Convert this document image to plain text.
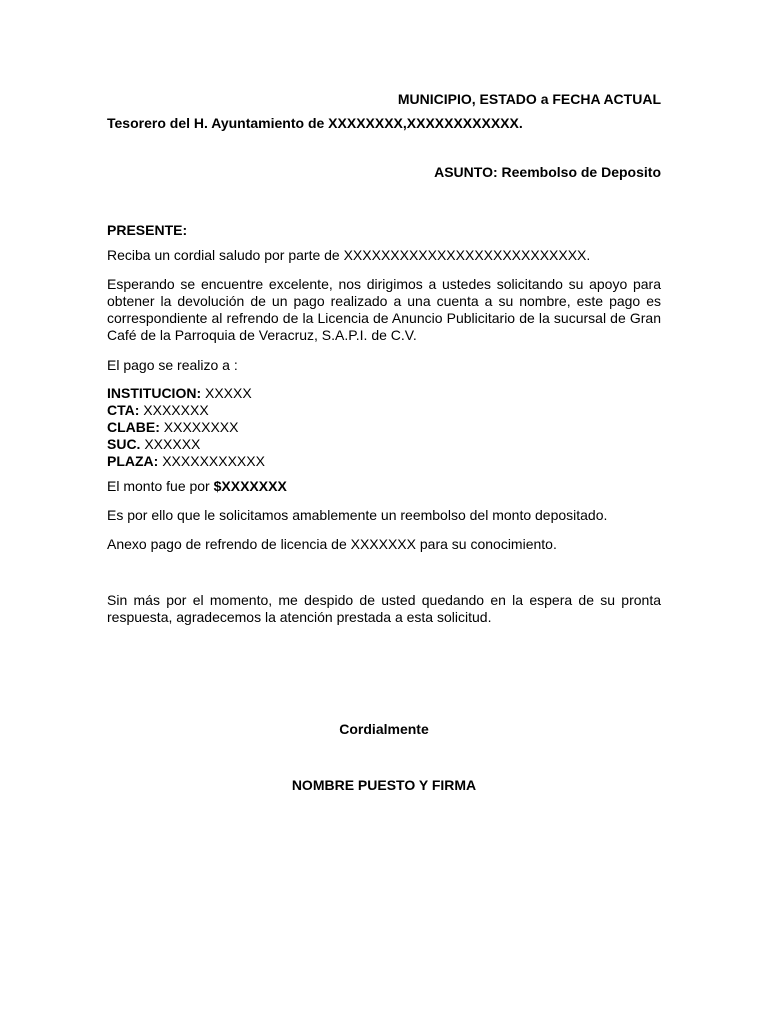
MUNICIPIO, ESTADO a FECHA ACTUAL
Tesorero del H. Ayuntamiento de XXXXXXXX,XXXXXXXXXXXX.
ASUNTO: Reembolso de Deposito
PRESENTE:
Reciba un cordial saludo por parte de XXXXXXXXXXXXXXXXXXXXXXXXXX.
Esperando se encuentre excelente, nos dirigimos a ustedes solicitando su apoyo para obtener la devolución de un pago realizado a una cuenta a su nombre, este pago es correspondiente al refrendo de la Licencia de Anuncio Publicitario de la sucursal de Gran Café de la Parroquia de Veracruz, S.A.P.I. de C.V.
El pago se realizo a :
INSTITUCION: XXXXX
CTA: XXXXXXX
CLABE: XXXXXXXX
SUC. XXXXXX
PLAZA: XXXXXXXXXXX
El monto fue por $XXXXXXX
Es por ello que le solicitamos amablemente un reembolso del monto depositado.
Anexo pago de refrendo de licencia de XXXXXXX para su conocimiento.
Sin más por el momento, me despido de usted quedando en la espera de su pronta respuesta, agradecemos la atención prestada a esta solicitud.
Cordialmente
NOMBRE PUESTO Y FIRMA
